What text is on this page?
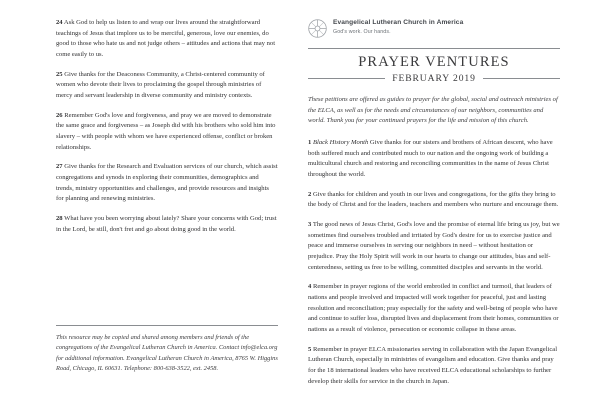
24 Ask God to help us listen to and wrap our lives around the straightforward teachings of Jesus that implore us to be merciful, generous, love our enemies, do good to those who hate us and not judge others – attitudes and actions that may not come easily to us.
25 Give thanks for the Deaconess Community, a Christ-centered community of women who devote their lives to proclaiming the gospel through ministries of mercy and servant leadership in diverse community and ministry contexts.
26 Remember God's love and forgiveness, and pray we are moved to demonstrate the same grace and forgiveness – as Joseph did with his brothers who sold him into slavery – with people with whom we have experienced offense, conflict or broken relationships.
27 Give thanks for the Research and Evaluation services of our church, which assist congregations and synods in exploring their communities, demographics and trends, ministry opportunities and challenges, and provide resources and insights for planning and renewing ministries.
28 What have you been worrying about lately? Share your concerns with God; trust in the Lord, be still, don't fret and go about doing good in the world.

This resource may be copied and shared among members and friends of the congregations of the Evangelical Lutheran Church in America. Contact info@elca.org for additional information. Evangelical Lutheran Church in America, 8765 W. Higgins Road, Chicago, IL 60631. Telephone: 800-638-3522, ext. 2458.

Evangelical Lutheran Church in America
God's work. Our hands.
PRAYER VENTURES
FEBRUARY 2019

These petitions are offered as guides to prayer for the global, social and outreach ministries of the ELCA, as well as for the needs and circumstances of our neighbors, communities and world. Thank you for your continued prayers for the life and mission of this church.

1 Black History Month Give thanks for our sisters and brothers of African descent, who have both suffered much and contributed much to our nation and the ongoing work of building a multicultural church and restoring and reconciling communities in the name of Jesus Christ throughout the world.
2 Give thanks for children and youth in our lives and congregations, for the gifts they bring to the body of Christ and for the leaders, teachers and members who nurture and encourage them.
3 The good news of Jesus Christ, God's love and the promise of eternal life bring us joy, but we sometimes find ourselves troubled and irritated by God's desire for us to exercise justice and peace and immerse ourselves in serving our neighbors in need – without hesitation or prejudice. Pray the Holy Spirit will work in our hearts to change our attitudes, bias and self-centeredness, setting us free to be willing, committed disciples and servants in the world.
4 Remember in prayer regions of the world embroiled in conflict and turmoil, that leaders of nations and people involved and impacted will work together for peaceful, just and lasting resolution and reconciliation; pray especially for the safety and well-being of people who have and continue to suffer loss, disrupted lives and displacement from their homes, communities or nations as a result of violence, persecution or economic collapse in these areas.
5 Remember in prayer ELCA missionaries serving in collaboration with the Japan Evangelical Lutheran Church, especially in ministries of evangelism and education. Give thanks and pray for the 18 international leaders who have received ELCA educational scholarships to further develop their skills for service in the church in Japan.
